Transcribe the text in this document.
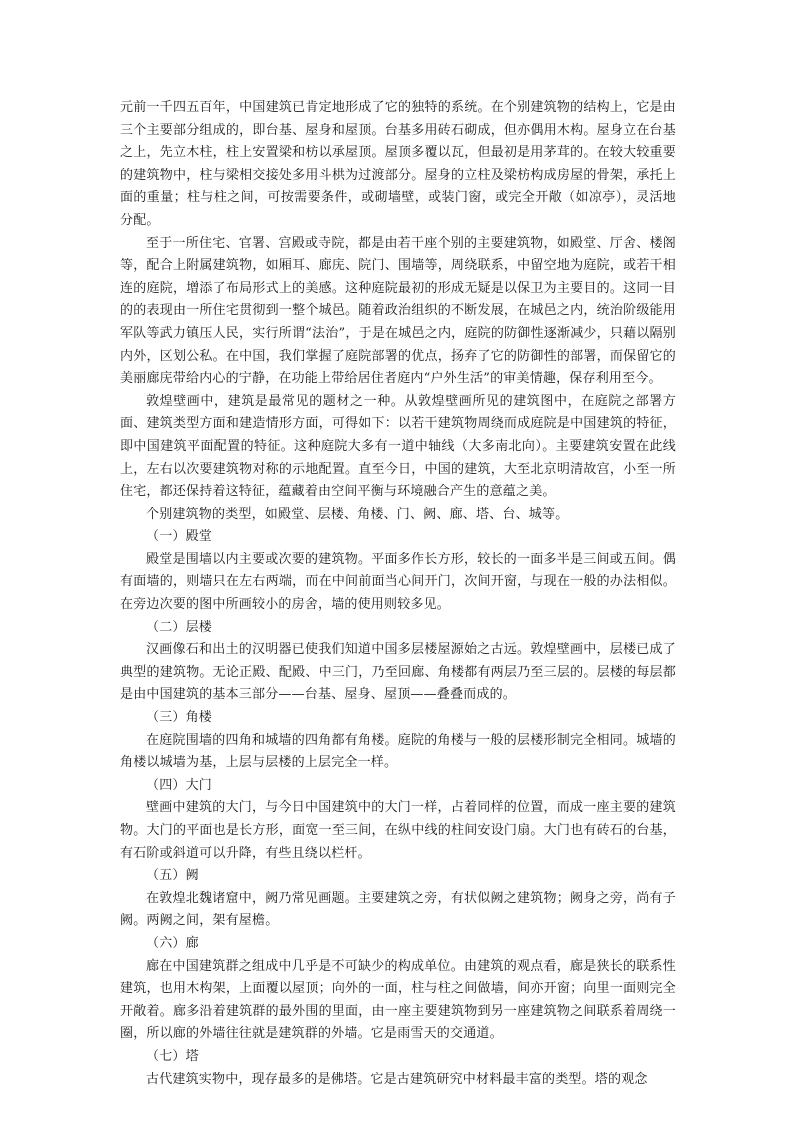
元前一千四五百年，中国建筑已肯定地形成了它的独特的系统。在个别建筑物的结构上，它是由三个主要部分组成的，即台基、屋身和屋顶。台基多用砖石砌成，但亦偶用木构。屋身立在台基之上，先立木柱，柱上安置梁和枋以承屋顶。屋顶多覆以瓦，但最初是用茅茸的。在较大较重要的建筑物中，柱与梁相交接处多用斗栱为过渡部分。屋身的立柱及梁枋构成房屋的骨架，承托上面的重量；柱与柱之间，可按需要条件，或砌墙壁，或装门窗，或完全开敞（如凉亭），灵活地分配。

至于一所住宅、官署、宫殿或寺院，都是由若干座个别的主要建筑物，如殿堂、厅舍、楼阁等，配合上附属建筑物，如厢耳、廊庑、院门、围墙等，周绕联系，中留空地为庭院，或若干相连的庭院，增添了布局形式上的美感。这种庭院最初的形成无疑是以保卫为主要目的。这同一目的的表现由一所住宅贯彻到一整个城邑。随着政治组织的不断发展，在城邑之内，统治阶级能用军队等武力镇压人民，实行所谓“法治”，于是在城邑之内，庭院的防御性逐渐减少，只藉以隔别内外，区划公私。在中国，我们掌握了庭院部署的优点，扬弃了它的防御性的部署，而保留它的美丽廊庑带给内心的宁静，在功能上带给居住者庭内“户外生活”的审美情趣，保存利用至今。

敦煌壁画中，建筑是最常见的题材之一种。从敦煌壁画所见的建筑图中，在庭院之部署方面、建筑类型方面和建造情形方面，可得如下：以若干建筑物周绕而成庭院是中国建筑的特征，即中国建筑平面配置的特征。这种庭院大多有一道中轴线（大多南北向）。主要建筑安置在此线上，左右以次要建筑物对称的示地配置。直至今日，中国的建筑，大至北京明清故宫，小至一所住宅，都还保持着这特征，蕴藏着由空间平衡与环境融合产生的意蕴之美。

个别建筑物的类型，如殿堂、层楼、角楼、门、阙、廊、塔、台、城等。

（一）殿堂

殿堂是围墙以内主要或次要的建筑物。平面多作长方形，较长的一面多半是三间或五间。偶有面墙的，则墙只在左右两端，而在中间前面当心间开门，次间开窗，与现在一般的办法相似。在旁边次要的图中所画较小的房舍，墙的使用则较多见。

（二）层楼

汉画像石和出土的汉明器已使我们知道中国多层楼屋源始之古远。敦煌壁画中，层楼已成了典型的建筑物。无论正殿、配殿、中三门，乃至回廊、角楼都有两层乃至三层的。层楼的每层都是由中国建筑的基本三部分——台基、屋身、屋顶——叠叠而成的。

（三）角楼

在庭院围墙的四角和城墙的四角都有角楼。庭院的角楼与一般的层楼形制完全相同。城墙的角楼以城墙为基，上层与层楼的上层完全一样。

（四）大门

壁画中建筑的大门，与今日中国建筑中的大门一样，占着同样的位置，而成一座主要的建筑物。大门的平面也是长方形，面宽一至三间，在纵中线的柱间安设门扇。大门也有砖石的台基，有石阶或斜道可以升降，有些且绕以栏杆。

（五）阙

在敦煌北魏诸窟中，阙乃常见画题。主要建筑之旁，有状似阙之建筑物；阙身之旁，尚有子阙。两阙之间，架有屋檐。

（六）廊

廊在中国建筑群之组成中几乎是不可缺少的构成单位。由建筑的观点看，廊是狭长的联系性建筑，也用木构架，上面覆以屋顶；向外的一面，柱与柱之间做墙，间亦开窗；向里一面则完全开敞着。廊多沿着建筑群的最外围的里面，由一座主要建筑物到另一座建筑物之间联系着周绕一圈，所以廊的外墙往往就是建筑群的外墙。它是雨雪天的交通道。

（七）塔

古代建筑实物中，现存最多的是佛塔。它是古建筑研究中材料最丰富的类型。塔的观念
